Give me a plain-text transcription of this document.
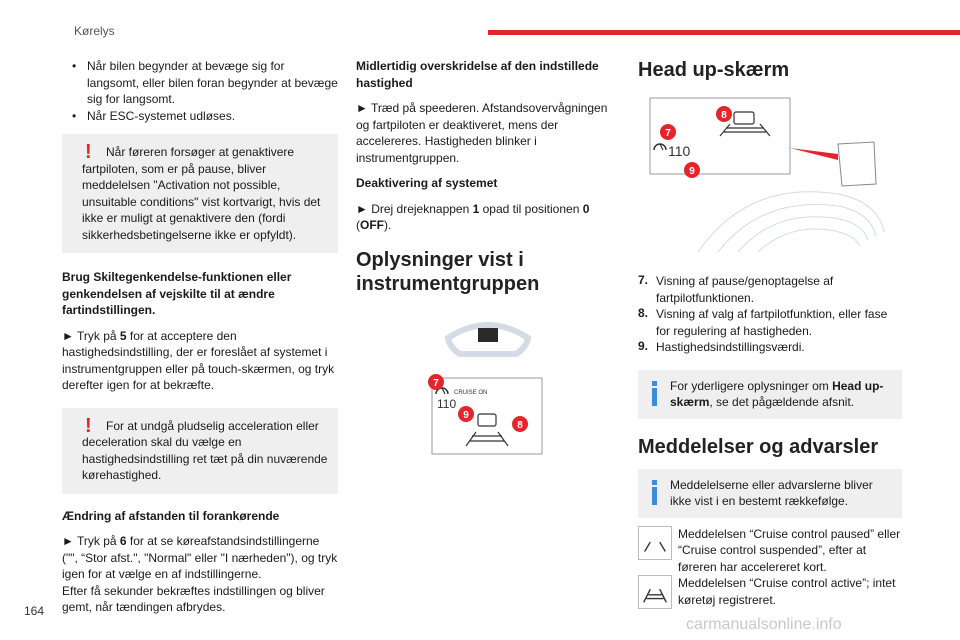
Kørelys
• Når bilen begynder at bevæge sig for langsomt, eller bilen foran begynder at bevæge sig for langsomt.
• Når ESC-systemet udløses.
!	Når føreren forsøger at genaktivere fartpiloten, som er på pause, bliver meddelelsen "Activation not possible, unsuitable conditions" vist kortvarigt, hvis det ikke er muligt at genaktivere den (fordi sikkerhedsbetingelserne ikke er opfyldt).

Brug Skiltegenkendelse-funktionen eller genkendelsen af vejskilte til at ændre fartindstillingen.

► Tryk på 5 for at acceptere den hastighedsindstilling, der er foreslået af systemet i instrumentgruppen eller på touch-skærmen, og tryk derefter igen for at bekræfte.

!	For at undgå pludselig acceleration eller deceleration skal du vælge en hastighedsindstilling ret tæt på din nuværende kørehastighed.

Ændring af afstanden til forankørende

► Tryk på 6 for at se køreafstandsindstillingerne ("", “Stor afst.", "Normal" eller "I nærheden"), og tryk igen for at vælge en af indstillingerne.

Efter få sekunder bekræftes indstillingen og bliver gemt, når tændingen afbrydes.

Midlertidig overskridelse af den indstillede hastighed

► Træd på speederen. Afstandsovervågningen og fartpiloten er deaktiveret, mens der accelereres. Hastigheden blinker i instrumentgruppen.

Deaktivering af systemet

► Drej drejeknappen 1 opad til positionen 0
(OFF).

Oplysninger vist i instrumentgruppen
CRUISE ON
110
7
9
8
Head up-skærm
110
8
7
9
7. Visning af pause/genoptagelse af fartpilotfunktionen.

8. Visning af valg af fartpilotfunktion, eller fase for regulering af hastigheden.

9. Hastighedsindstillingsværdi.

For yderligere oplysninger om Head up-skærm, se det pågældende afsnit.

Meddelelser og advarsler

Meddelelserne eller advarslerne bliver ikke vist i en bestemt rækkefølge.

Meddelelsen “Cruise control paused” eller “Cruise control suspended”, efter at føreren har accelereret kort.

Meddelelsen “Cruise control active”; intet køretøj registreret.

164
carmanualsonline.info
